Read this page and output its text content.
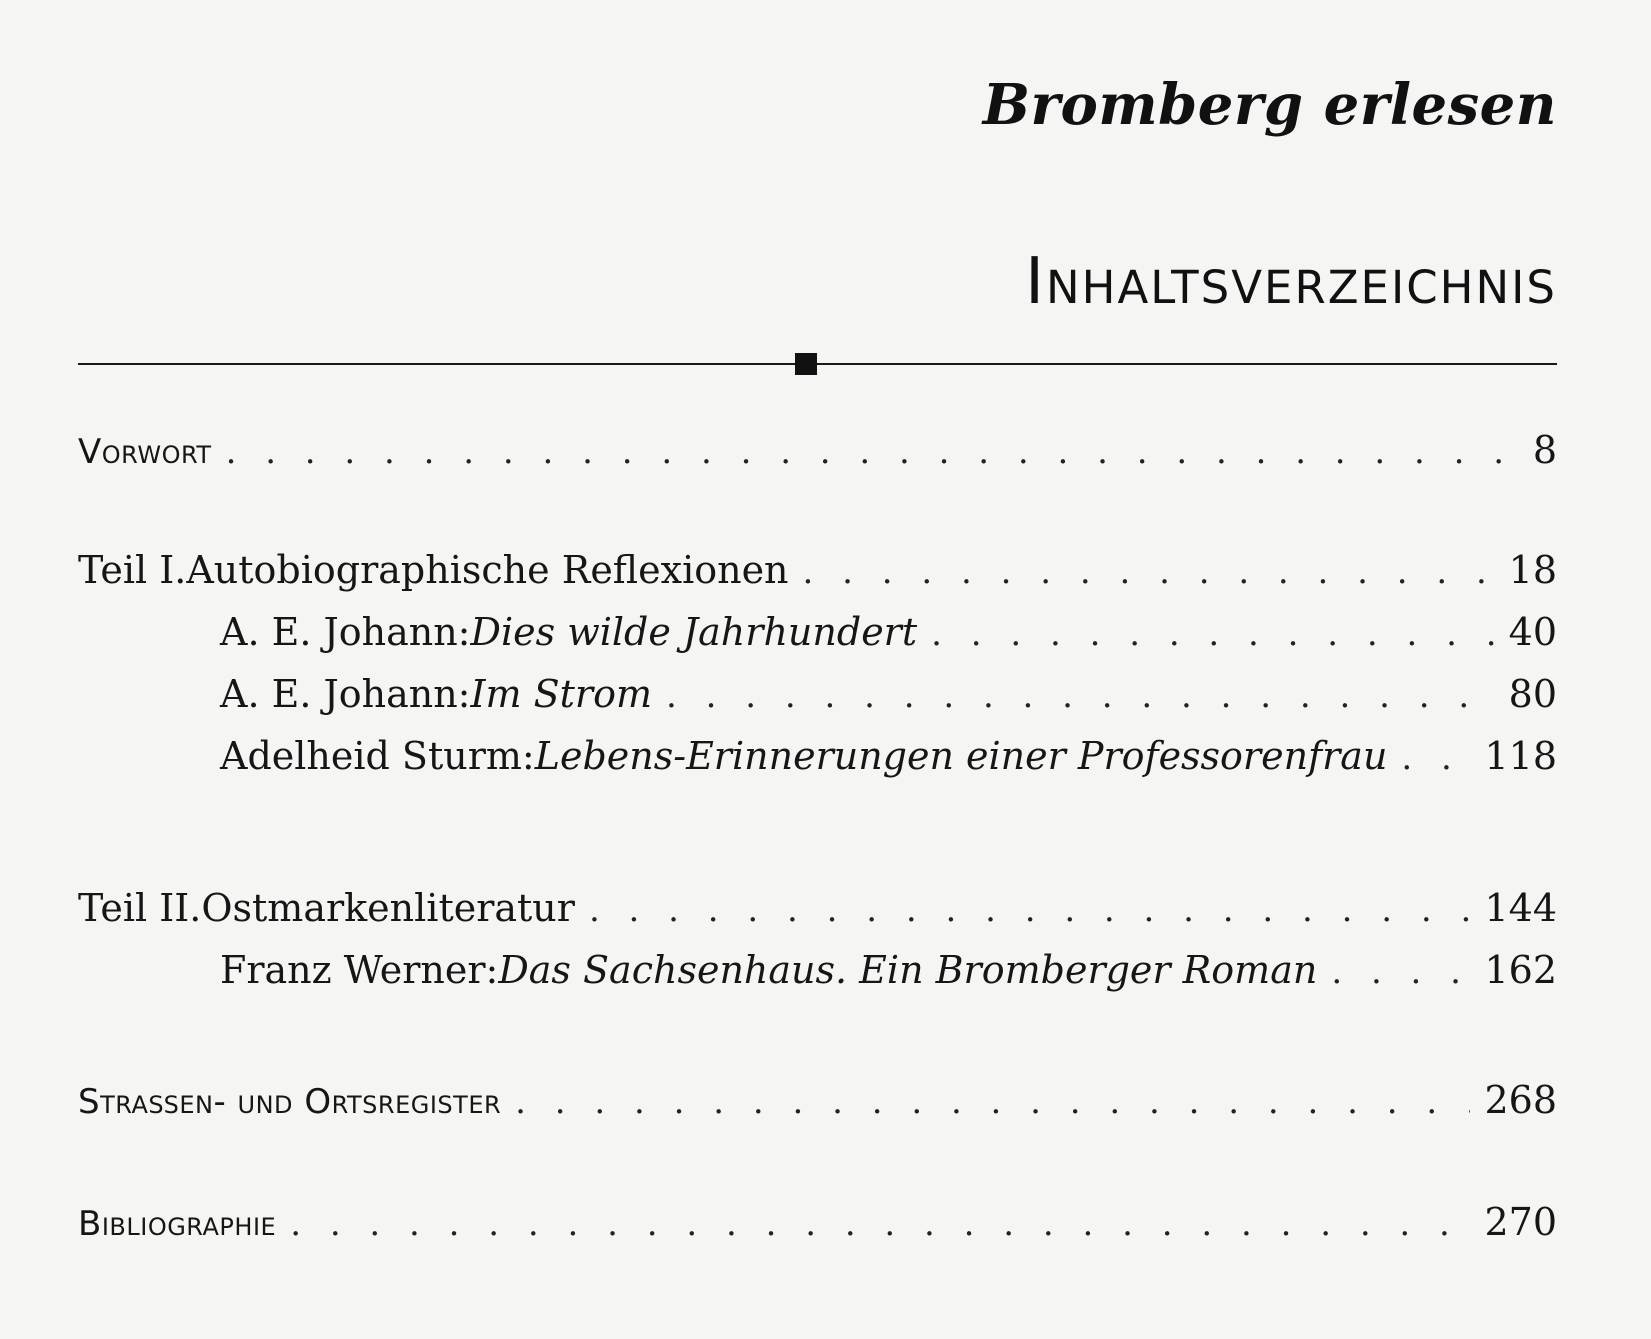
Bromberg erlesen
Inhaltsverzeichnis
Vorwort . . .	8
Teil I. Autobiographische Reflexionen . . .	18
A. E. Johann: Dies wilde Jahrhundert . . .	40
A. E. Johann: Im Strom . . .	80
Adelheid Sturm: Lebens-Erinnerungen einer Professorenfrau . . .	118
Teil II. Ostmarkenliteratur . . .	144
Franz Werner: Das Sachsenhaus. Ein Bromberger Roman . . .	162
Straßen- und Ortsregister . . .	268
Bibliographie . . .	270
